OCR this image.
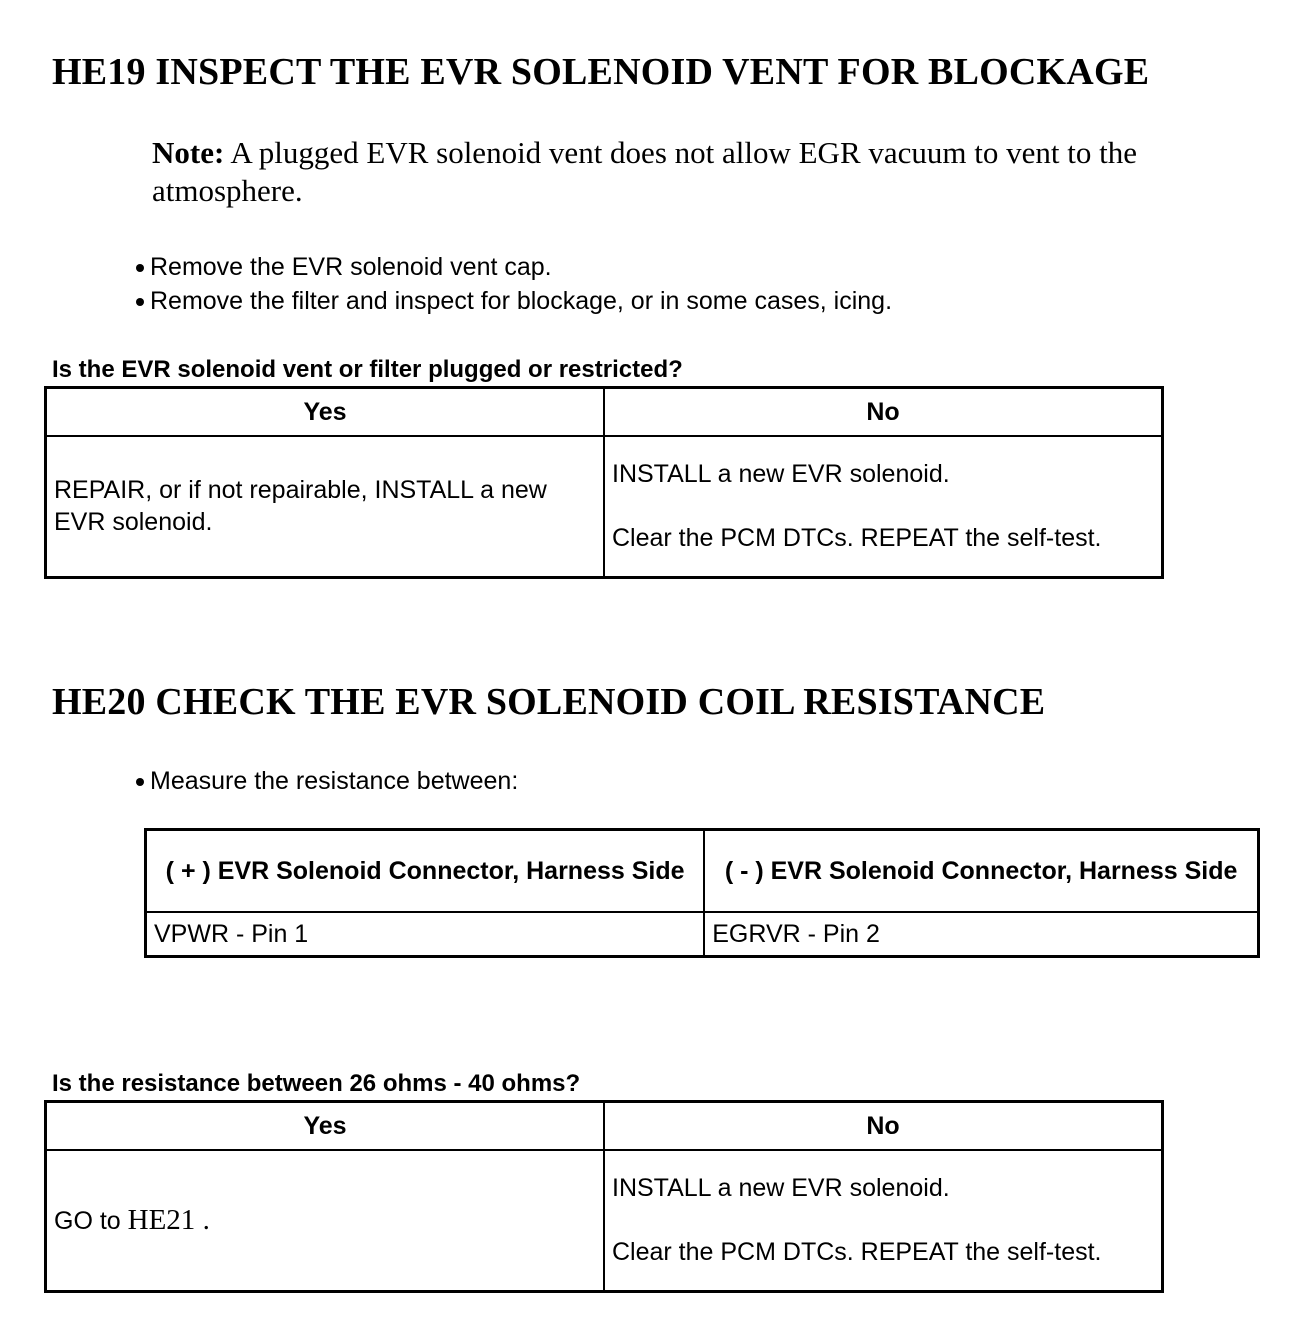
HE19 INSPECT THE EVR SOLENOID VENT FOR BLOCKAGE
Note: A plugged EVR solenoid vent does not allow EGR vacuum to vent to the atmosphere.
Remove the EVR solenoid vent cap.
Remove the filter and inspect for blockage, or in some cases, icing.
Is the EVR solenoid vent or filter plugged or restricted?
Yes	No
REPAIR, or if not repairable, INSTALL a new EVR solenoid.	INSTALL a new EVR solenoid.
Clear the PCM DTCs. REPEAT the self-test.
HE20 CHECK THE EVR SOLENOID COIL RESISTANCE
Measure the resistance between:
( + ) EVR Solenoid Connector, Harness Side	( - ) EVR Solenoid Connector, Harness Side
VPWR - Pin 1	EGRVR - Pin 2
Is the resistance between 26 ohms - 40 ohms?
Yes	No
GO to HE21 .	INSTALL a new EVR solenoid.
Clear the PCM DTCs. REPEAT the self-test.
